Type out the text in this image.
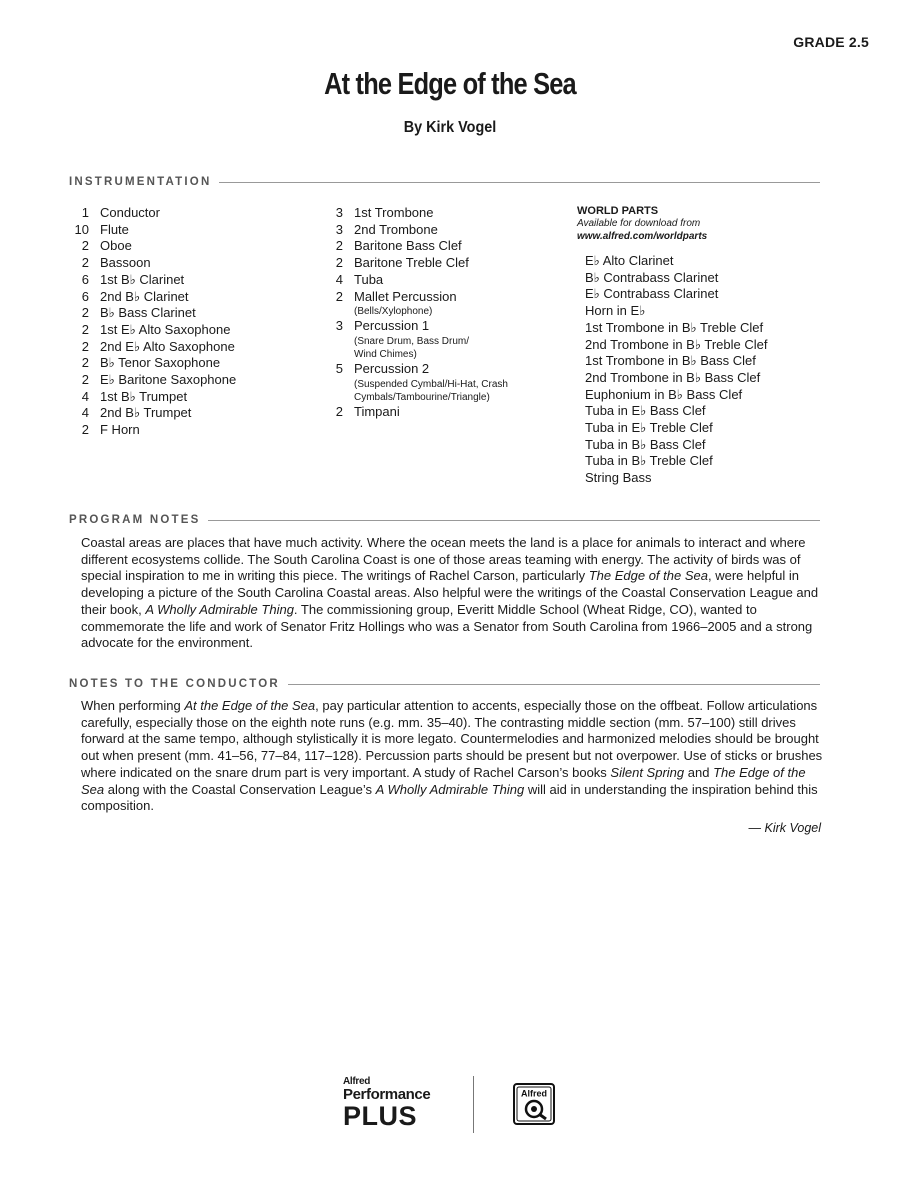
GRADE 2.5
At the Edge of the Sea
By Kirk Vogel
INSTRUMENTATION
1 Conductor
10 Flute
2 Oboe
2 Bassoon
6 1st B♭ Clarinet
6 2nd B♭ Clarinet
2 B♭ Bass Clarinet
2 1st E♭ Alto Saxophone
2 2nd E♭ Alto Saxophone
2 B♭ Tenor Saxophone
2 E♭ Baritone Saxophone
4 1st B♭ Trumpet
4 2nd B♭ Trumpet
2 F Horn
3 1st Trombone
3 2nd Trombone
2 Baritone Bass Clef
2 Baritone Treble Clef
4 Tuba
2 Mallet Percussion
(Bells/Xylophone)
3 Percussion 1
(Snare Drum, Bass Drum/
Wind Chimes)
5 Percussion 2
(Suspended Cymbal/Hi-Hat, Crash
Cymbals/Tambourine/Triangle)
2 Timpani
WORLD PARTS
Available for download from
www.alfred.com/worldparts
E♭ Alto Clarinet
B♭ Contrabass Clarinet
E♭ Contrabass Clarinet
Horn in E♭
1st Trombone in B♭ Treble Clef
2nd Trombone in B♭ Treble Clef
1st Trombone in B♭ Bass Clef
2nd Trombone in B♭ Bass Clef
Euphonium in B♭ Bass Clef
Tuba in E♭ Bass Clef
Tuba in E♭ Treble Clef
Tuba in B♭ Bass Clef
Tuba in B♭ Treble Clef
String Bass
PROGRAM NOTES
Coastal areas are places that have much activity. Where the ocean meets the land is a place for animals to interact and where different ecosystems collide. The South Carolina Coast is one of those areas teaming with energy. The activity of birds was of special inspiration to me in writing this piece. The writings of Rachel Carson, particularly The Edge of the Sea, were helpful in developing a picture of the South Carolina Coastal areas. Also helpful were the writings of the Coastal Conservation League and their book, A Wholly Admirable Thing. The commissioning group, Everitt Middle School (Wheat Ridge, CO), wanted to commemorate the life and work of Senator Fritz Hollings who was a Senator from South Carolina from 1966–2005 and a strong advocate for the environment.
NOTES TO THE CONDUCTOR
When performing At the Edge of the Sea, pay particular attention to accents, especially those on the offbeat. Follow articulations carefully, especially those on the eighth note runs (e.g. mm. 35–40). The contrasting middle section (mm. 57–100) still drives forward at the same tempo, although stylistically it is more legato. Countermelodies and harmonized melodies should be brought out when present (mm. 41–56, 77–84, 117–128). Percussion parts should be present but not overpower. Use of sticks or brushes where indicated on the snare drum part is very important. A study of Rachel Carson’s books Silent Spring and The Edge of the Sea along with the Coastal Conservation League’s A Wholly Admirable Thing will aid in understanding the inspiration behind this composition.
— Kirk Vogel
Alfred
Performance
PLUS
Alfred
